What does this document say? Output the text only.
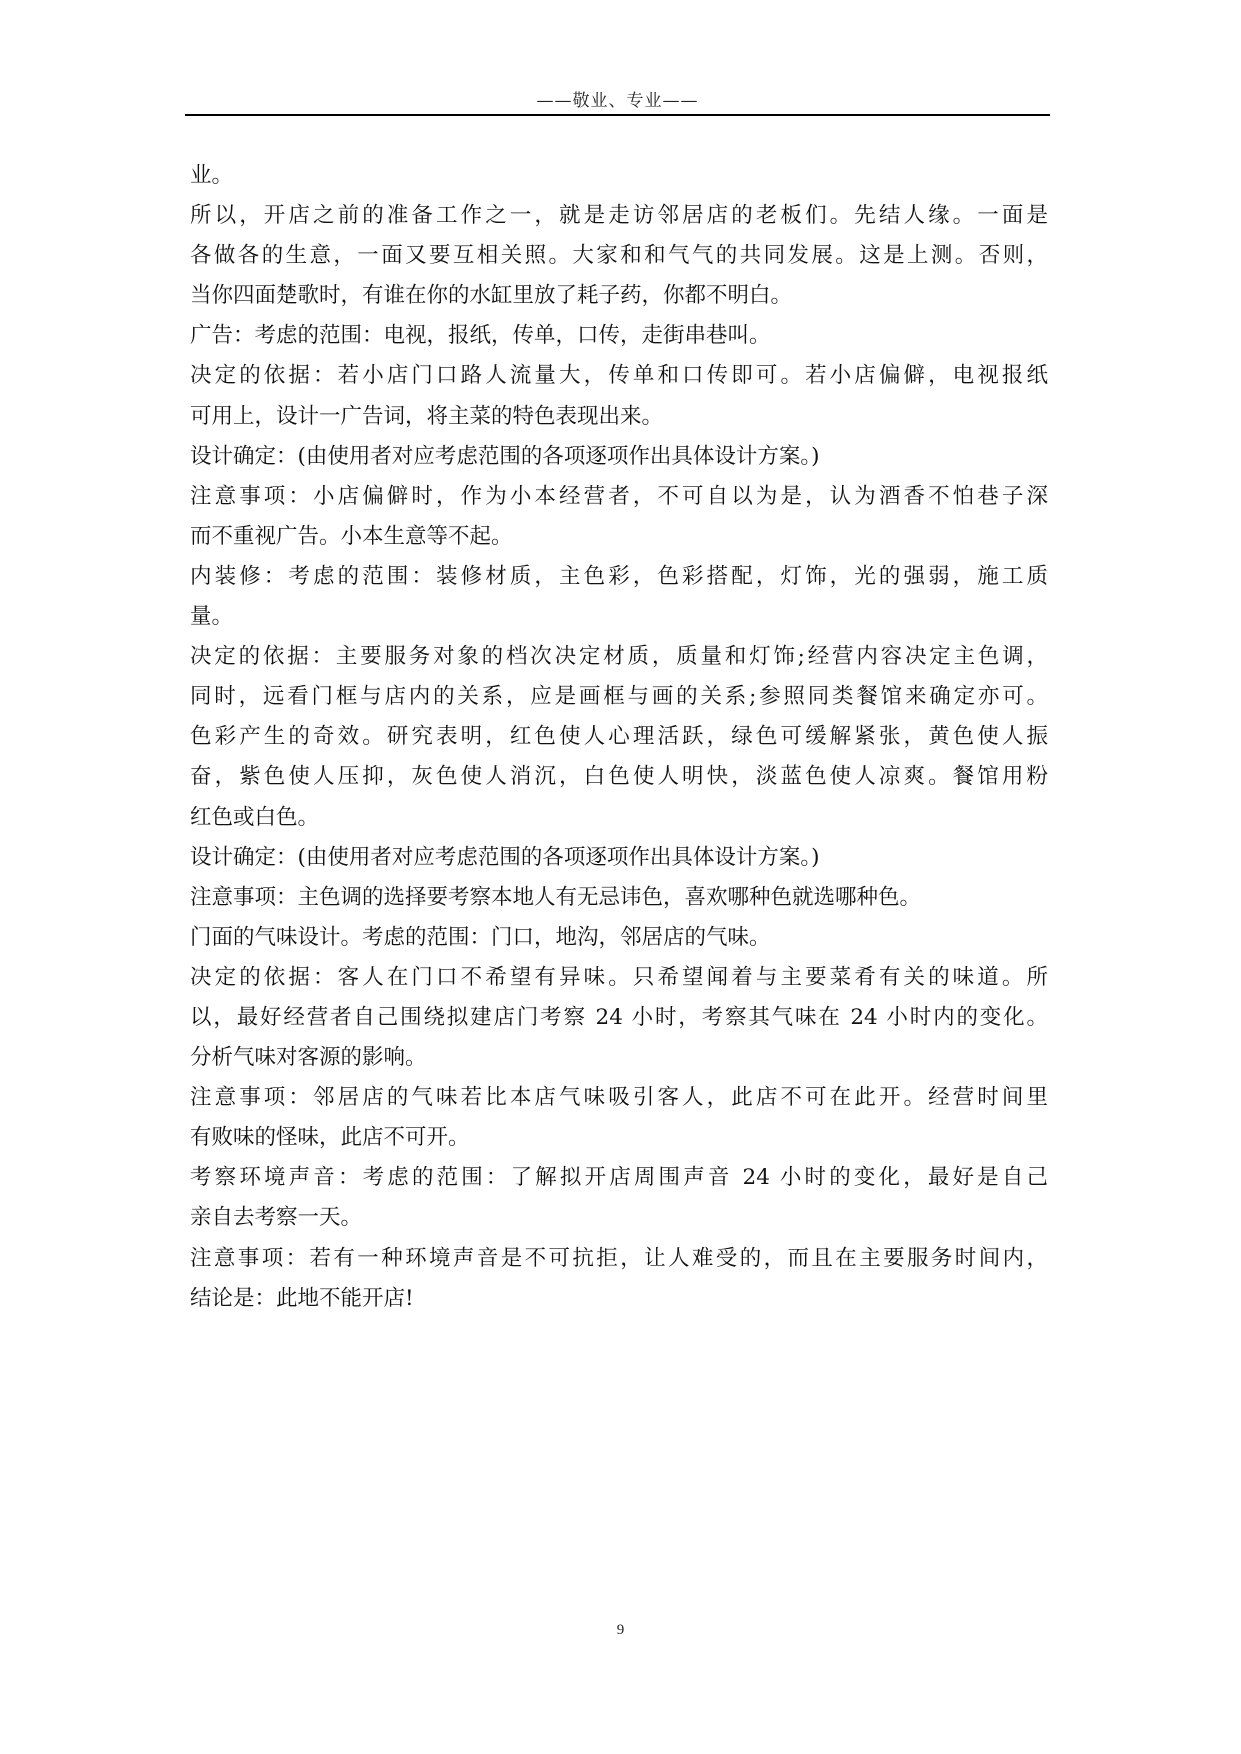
——敬业、专业——
业。
所以，开店之前的准备工作之一，就是走访邻居店的老板们。先结人缘。一面是
各做各的生意，一面又要互相关照。大家和和气气的共同发展。这是上测。否则，
当你四面楚歌时，有谁在你的水缸里放了耗子药，你都不明白。
广告：考虑的范围：电视，报纸，传单，口传，走街串巷叫。
决定的依据：若小店门口路人流量大，传单和口传即可。若小店偏僻，电视报纸
可用上，设计一广告词，将主菜的特色表现出来。
设计确定：(由使用者对应考虑范围的各项逐项作出具体设计方案。)
注意事项：小店偏僻时，作为小本经营者，不可自以为是，认为酒香不怕巷子深
而不重视广告。小本生意等不起。
内装修：考虑的范围：装修材质，主色彩，色彩搭配，灯饰，光的强弱，施工质
量。
决定的依据：主要服务对象的档次决定材质，质量和灯饰;经营内容决定主色调，
同时，远看门框与店内的关系，应是画框与画的关系;参照同类餐馆来确定亦可。
色彩产生的奇效。研究表明，红色使人心理活跃，绿色可缓解紧张，黄色使人振
奋，紫色使人压抑，灰色使人消沉，白色使人明快，淡蓝色使人凉爽。餐馆用粉
红色或白色。
设计确定：(由使用者对应考虑范围的各项逐项作出具体设计方案。)
注意事项：主色调的选择要考察本地人有无忌讳色，喜欢哪种色就选哪种色。
门面的气味设计。考虑的范围：门口，地沟，邻居店的气味。
决定的依据：客人在门口不希望有异味。只希望闻着与主要菜肴有关的味道。所
以，最好经营者自己围绕拟建店门考察 24 小时，考察其气味在 24 小时内的变化。
分析气味对客源的影响。
注意事项：邻居店的气味若比本店气味吸引客人，此店不可在此开。经营时间里
有败味的怪味，此店不可开。
考察环境声音：考虑的范围：了解拟开店周围声音 24 小时的变化，最好是自己
亲自去考察一天。
注意事项：若有一种环境声音是不可抗拒，让人难受的，而且在主要服务时间内，
结论是：此地不能开店!
9
